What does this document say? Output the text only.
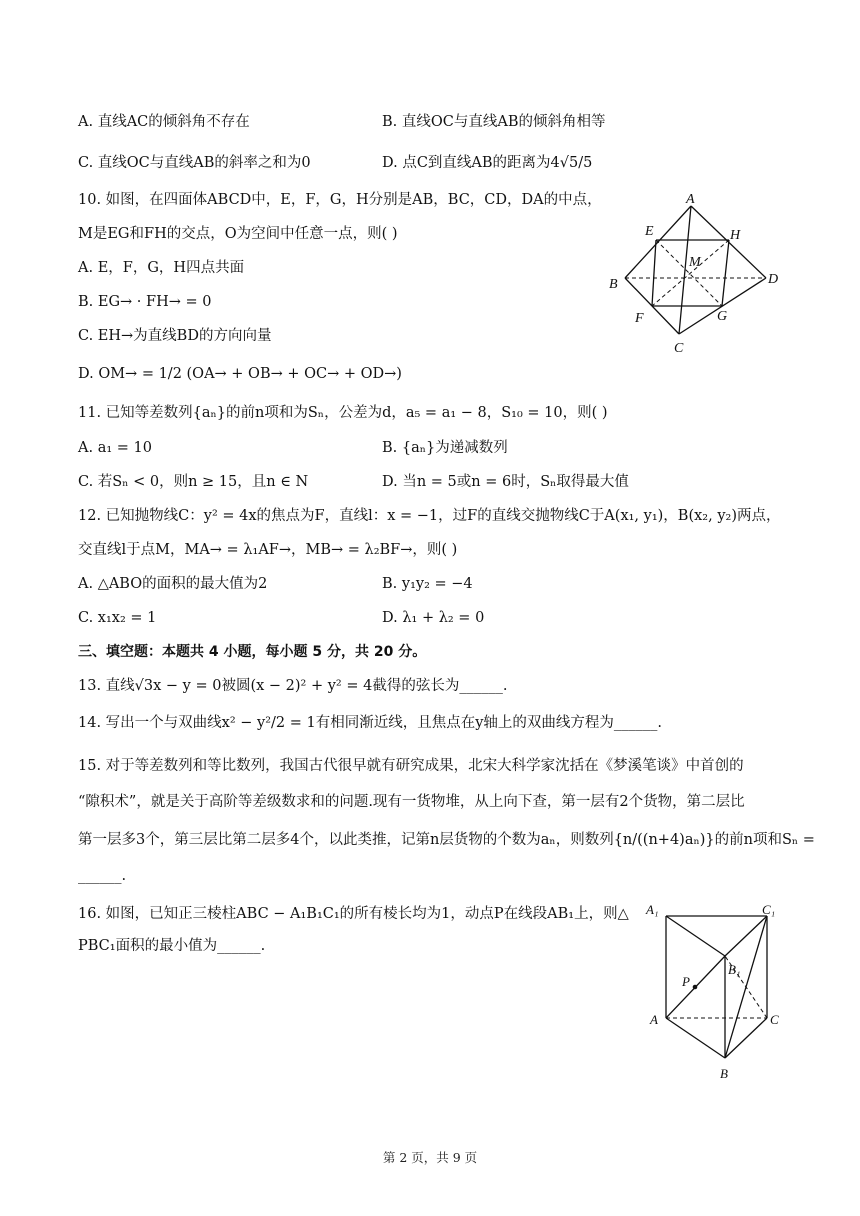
A. 直线AC的倾斜角不存在	B. 直线OC与直线AB的倾斜角相等
C. 直线OC与直线AB的斜率之和为0	D. 点C到直线AB的距离为4√5/5
10. 如图，在四面体ABCD中，E，F，G，H分别是AB，BC，CD，DA的中点，
M是EG和FH的交点，O为空间中任意一点，则( )
A. E，F，G，H四点共面
B. EG→ · FH→ = 0
C. EH→为直线BD的方向向量
D. OM→ = 1/2 (OA→ + OB→ + OC→ + OD→)
A
E	H
M
B	D
F	G
C
11. 已知等差数列{aₙ}的前n项和为Sₙ，公差为d，a₅ = a₁ − 8，S₁₀ = 10，则( )
A. a₁ = 10	B. {aₙ}为递减数列
C. 若Sₙ < 0，则n ≥ 15，且n ∈ N	D. 当n = 5或n = 6时，Sₙ取得最大值
12. 已知抛物线C：y² = 4x的焦点为F，直线l：x = −1，过F的直线交抛物线C于A(x₁, y₁)，B(x₂, y₂)两点，
交直线l于点M，MA→ = λ₁AF→，MB→ = λ₂BF→，则( )
A. △ABO的面积的最大值为2	B. y₁y₂ = −4
C. x₁x₂ = 1	D. λ₁ + λ₂ = 0
三、填空题：本题共 4 小题，每小题 5 分，共 20 分。
13. 直线√3x − y = 0被圆(x − 2)² + y² = 4截得的弦长为______.
14. 写出一个与双曲线x² − y²/2 = 1有相同渐近线，且焦点在y轴上的双曲线方程为______.
15. 对于等差数列和等比数列，我国古代很早就有研究成果，北宋大科学家沈括在《梦溪笔谈》中首创的
“隙积术”，就是关于高阶等差级数求和的问题.现有一货物堆，从上向下查，第一层有2个货物，第二层比
第一层多3个，第三层比第二层多4个，以此类推，记第n层货物的个数为aₙ，则数列{n/((n+4)aₙ)}的前n项和Sₙ =
______.
16. 如图，已知正三棱柱ABC − A₁B₁C₁的所有棱长均为1，动点P在线段AB₁上，则△
PBC₁面积的最小值为______.
A₁	C₁
B₁
P
A	C
B
第 2 页，共 9 页
